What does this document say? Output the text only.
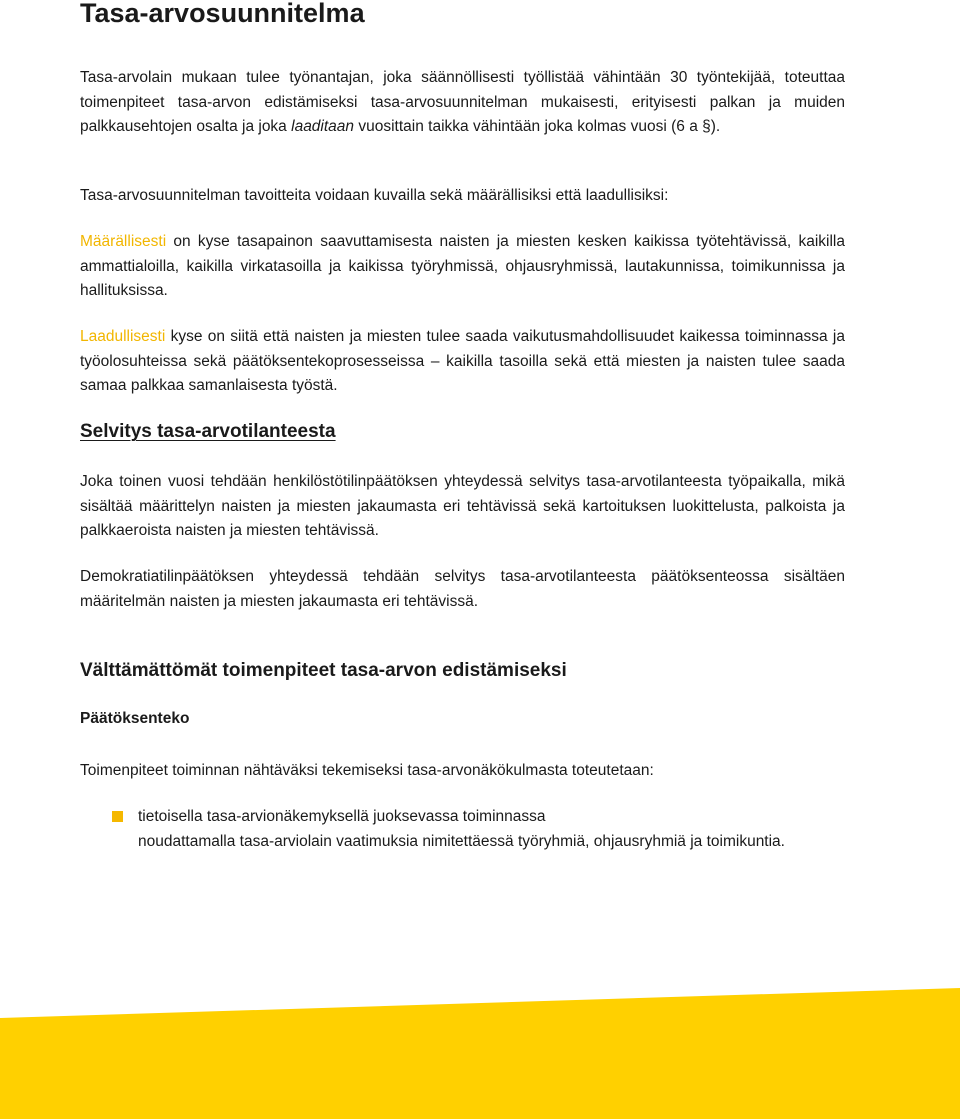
Tasa-arvosuunnitelma

Tasa-arvolain mukaan tulee työnantajan, joka säännöllisesti työllistää vähintään 30 työntekijää, toteuttaa toimenpiteet tasa-arvon edistämiseksi tasa-arvosuunnitelman mukaisesti, erityisesti palkan ja muiden palkkausehtojen osalta ja joka laaditaan vuosittain taikka vähintään joka kolmas vuosi (6 a §).

Tasa-arvosuunnitelman tavoitteita voidaan kuvailla sekä määrällisiksi että laadullisiksi:

Määrällisesti on kyse tasapainon saavuttamisesta naisten ja miesten kesken kaikissa työtehtävissä, kaikilla ammattialoilla, kaikilla virkatasoilla ja kaikissa työryhmissä, ohjausryhmissä, lautakunnissa, toimikunnissa ja hallituksissa.

Laadullisesti kyse on siitä että naisten ja miesten tulee saada vaikutusmahdollisuudet kaikessa toiminnassa ja työolosuhteissa sekä päätöksentekoprosesseissa – kaikilla tasoilla sekä että miesten ja naisten tulee saada samaa palkkaa samanlaisesta työstä.

Selvitys tasa-arvotilanteesta

Joka toinen vuosi tehdään henkilöstötilinpäätöksen yhteydessä selvitys tasa-arvotilanteesta työpaikalla, mikä sisältää määrittelyn naisten ja miesten jakaumasta eri tehtävissä sekä kartoituksen luokittelusta, palkoista ja palkkaeroista naisten ja miesten tehtävissä.

Demokratiatilinpäätöksen yhteydessä tehdään selvitys tasa-arvotilanteesta päätöksenteossa sisältäen määritelmän naisten ja miesten jakaumasta eri tehtävissä.

Välttämättömät toimenpiteet tasa-arvon edistämiseksi
Päätöksenteko

Toimenpiteet toiminnan nähtäväksi tekemiseksi tasa-arvonäkökulmasta toteutetaan:

tietoisella tasa-arvionäkemyksellä juoksevassa toiminnassa
noudattamalla tasa-arviolain vaatimuksia nimitettäessä työryhmiä, ohjausryhmiä ja toimikuntia.
